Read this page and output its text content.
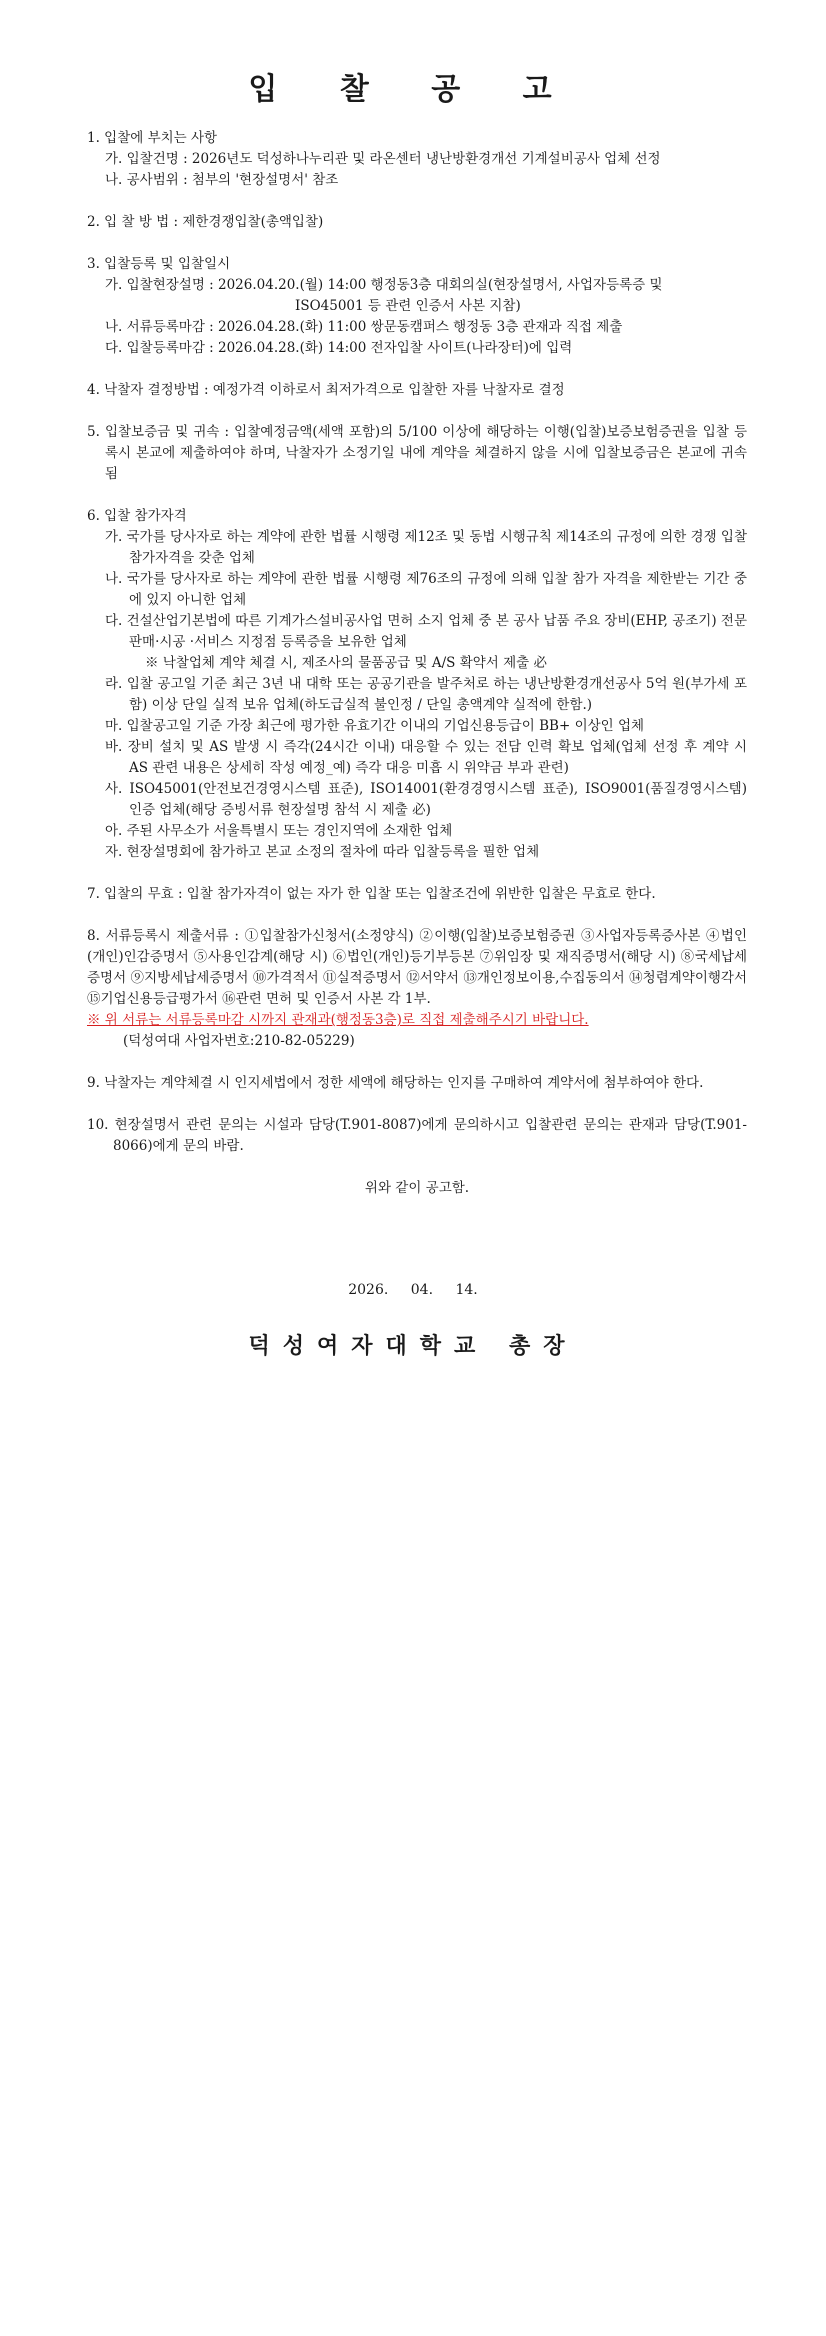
입 찰 공 고
1. 입찰에 부치는 사항
가. 입찰건명 : 2026년도 덕성하나누리관 및 라온센터 냉난방환경개선 기계설비공사 업체 선정
나. 공사범위 : 첨부의 '현장설명서' 참조
2. 입 찰 방 법 : 제한경쟁입찰(총액입찰)
3. 입찰등록 및 입찰일시
가. 입찰현장설명 : 2026.04.20.(월) 14:00 행정동3층 대회의실(현장설명서, 사업자등록증 및
ISO45001 등 관련 인증서 사본 지참)
나. 서류등록마감 : 2026.04.28.(화) 11:00 쌍문동캠퍼스 행정동 3층 관재과 직접 제출
다. 입찰등록마감 : 2026.04.28.(화) 14:00 전자입찰 사이트(나라장터)에 입력
4. 낙찰자 결정방법 : 예정가격 이하로서 최저가격으로 입찰한 자를 낙찰자로 결정
5. 입찰보증금 및 귀속 : 입찰예정금액(세액 포함)의 5/100 이상에 해당하는 이행(입찰)보증보험증권을 입찰 등록시 본교에 제출하여야 하며, 낙찰자가 소정기일 내에 계약을 체결하지 않을 시에 입찰보증금은 본교에 귀속됨
6. 입찰 참가자격
가. 국가를 당사자로 하는 계약에 관한 법률 시행령 제12조 및 동법 시행규칙 제14조의 규정에 의한 경쟁 입찰 참가자격을 갖춘 업체
나. 국가를 당사자로 하는 계약에 관한 법률 시행령 제76조의 규정에 의해 입찰 참가 자격을 제한받는 기간 중에 있지 아니한 업체
다. 건설산업기본법에 따른 기계가스설비공사업 면허 소지 업체 중 본 공사 납품 주요 장비(EHP, 공조기) 전문 판매·시공 ·서비스 지정점 등록증을 보유한 업체
※ 낙찰업체 계약 체결 시, 제조사의 물품공급 및 A/S 확약서 제출 必
라. 입찰 공고일 기준 최근 3년 내 대학 또는 공공기관을 발주처로 하는 냉난방환경개선공사 5억 원(부가세 포함) 이상 단일 실적 보유 업체(하도급실적 불인정 / 단일 총액계약 실적에 한함.)
마. 입찰공고일 기준 가장 최근에 평가한 유효기간 이내의 기업신용등급이 BB+ 이상인 업체
바. 장비 설치 및 AS 발생 시 즉각(24시간 이내) 대응할 수 있는 전담 인력 확보 업체(업체 선정 후 계약 시 AS 관련 내용은 상세히 작성 예정_예) 즉각 대응 미흡 시 위약금 부과 관련)
사. ISO45001(안전보건경영시스템 표준), ISO14001(환경경영시스템 표준), ISO9001(품질경영시스템) 인증 업체(해당 증빙서류 현장설명 참석 시 제출 必)
아. 주된 사무소가 서울특별시 또는 경인지역에 소재한 업체
자. 현장설명회에 참가하고 본교 소정의 절차에 따라 입찰등록을 필한 업체
7. 입찰의 무효 : 입찰 참가자격이 없는 자가 한 입찰 또는 입찰조건에 위반한 입찰은 무효로 한다.
8. 서류등록시 제출서류 : ①입찰참가신청서(소정양식) ②이행(입찰)보증보험증권 ③사업자등록증사본 ④법인(개인)인감증명서 ⑤사용인감계(해당 시) ⑥법인(개인)등기부등본 ⑦위임장 및 재직증명서(해당 시) ⑧국세납세증명서 ⑨지방세납세증명서 ⑩가격적서 ⑪실적증명서 ⑫서약서 ⑬개인정보이용,수집동의서 ⑭청렴계약이행각서 ⑮기업신용등급평가서 ⑯관련 면허 및 인증서 사본 각 1부.
※ 위 서류는 서류등록마감 시까지 관재과(행정동3층)로 직접 제출해주시기 바랍니다.
(덕성여대 사업자번호:210-82-05229)
9. 낙찰자는 계약체결 시 인지세법에서 정한 세액에 해당하는 인지를 구매하여 계약서에 첨부하여야 한다.
10. 현장설명서 관련 문의는 시설과 담당(T.901-8087)에게 문의하시고 입찰관련 문의는 관재과 담당(T.901-8066)에게 문의 바람.
위와 같이 공고함.
2026. 04. 14.
덕성여자대학교 총장
